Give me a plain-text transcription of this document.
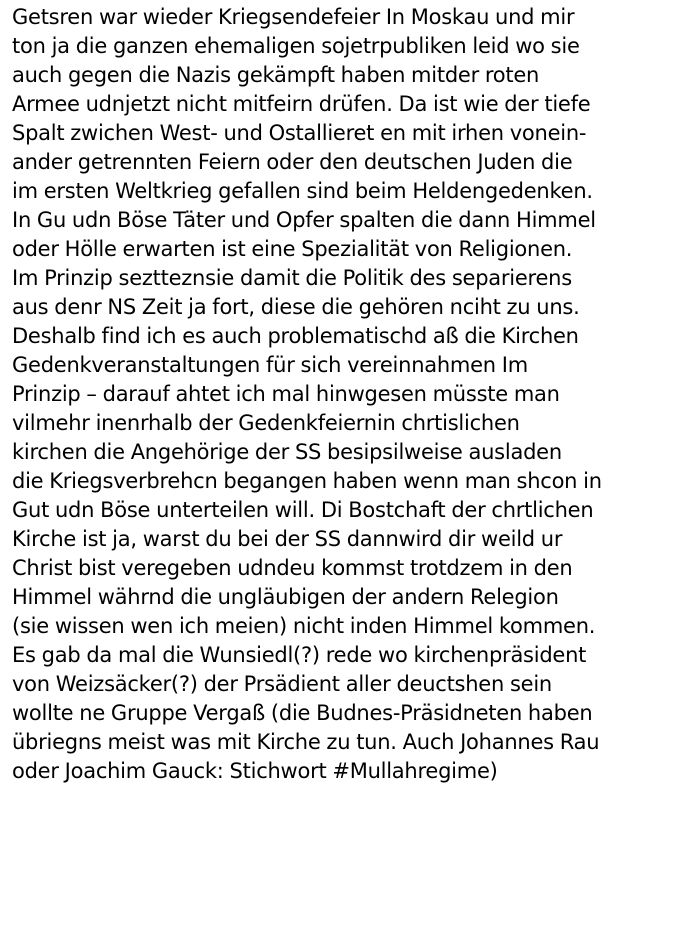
Getsren war wieder Kriegsendefeier In Moskau und mir
ton ja die ganzen ehemaligen sojetrpubliken leid wo sie
auch gegen die Nazis gekämpft haben mitder roten
Armee udnjetzt nicht mitfeirn drüfen. Da ist wie der tiefe
Spalt zwichen West- und Ostallieret en mit irhen vonein-
ander getrennten Feiern oder den deutschen Juden die
im ersten Weltkrieg gefallen sind beim Heldengedenken.
In Gu udn Böse Täter und Opfer spalten die dann Himmel
oder Hölle erwarten ist eine Spezialität von Religionen.
Im Prinzip seztteznsie damit die Politik des separierens
aus denr NS Zeit ja fort, diese die gehören nciht zu uns.
Deshalb find ich es auch problematischd aß die Kirchen
Gedenkveranstaltungen für sich vereinnahmen Im
Prinzip – darauf ahtet ich mal hinwgesen müsste man
vilmehr inenrhalb der Gedenkfeiernin chrtislichen
kirchen die Angehörige der SS besipsilweise ausladen
die Kriegsverbrehcn begangen haben wenn man shcon in
Gut udn Böse unterteilen will. Di Bostchaft der chrtlichen
Kirche ist ja, warst du bei der SS dannwird dir weild ur
Christ bist veregeben udndeu kommst trotdzem in den
Himmel währnd die ungläubigen der andern Relegion
(sie wissen wen ich meien) nicht inden Himmel kommen.
Es gab da mal die Wunsiedl(?) rede wo kirchenpräsident
von Weizsäcker(?) der Prsädient aller deuctshen sein
wollte ne Gruppe Vergaß (die Budnes-Präsidneten haben
übriegns meist was mit Kirche zu tun. Auch Johannes Rau
oder Joachim Gauck: Stichwort #Mullahregime)
